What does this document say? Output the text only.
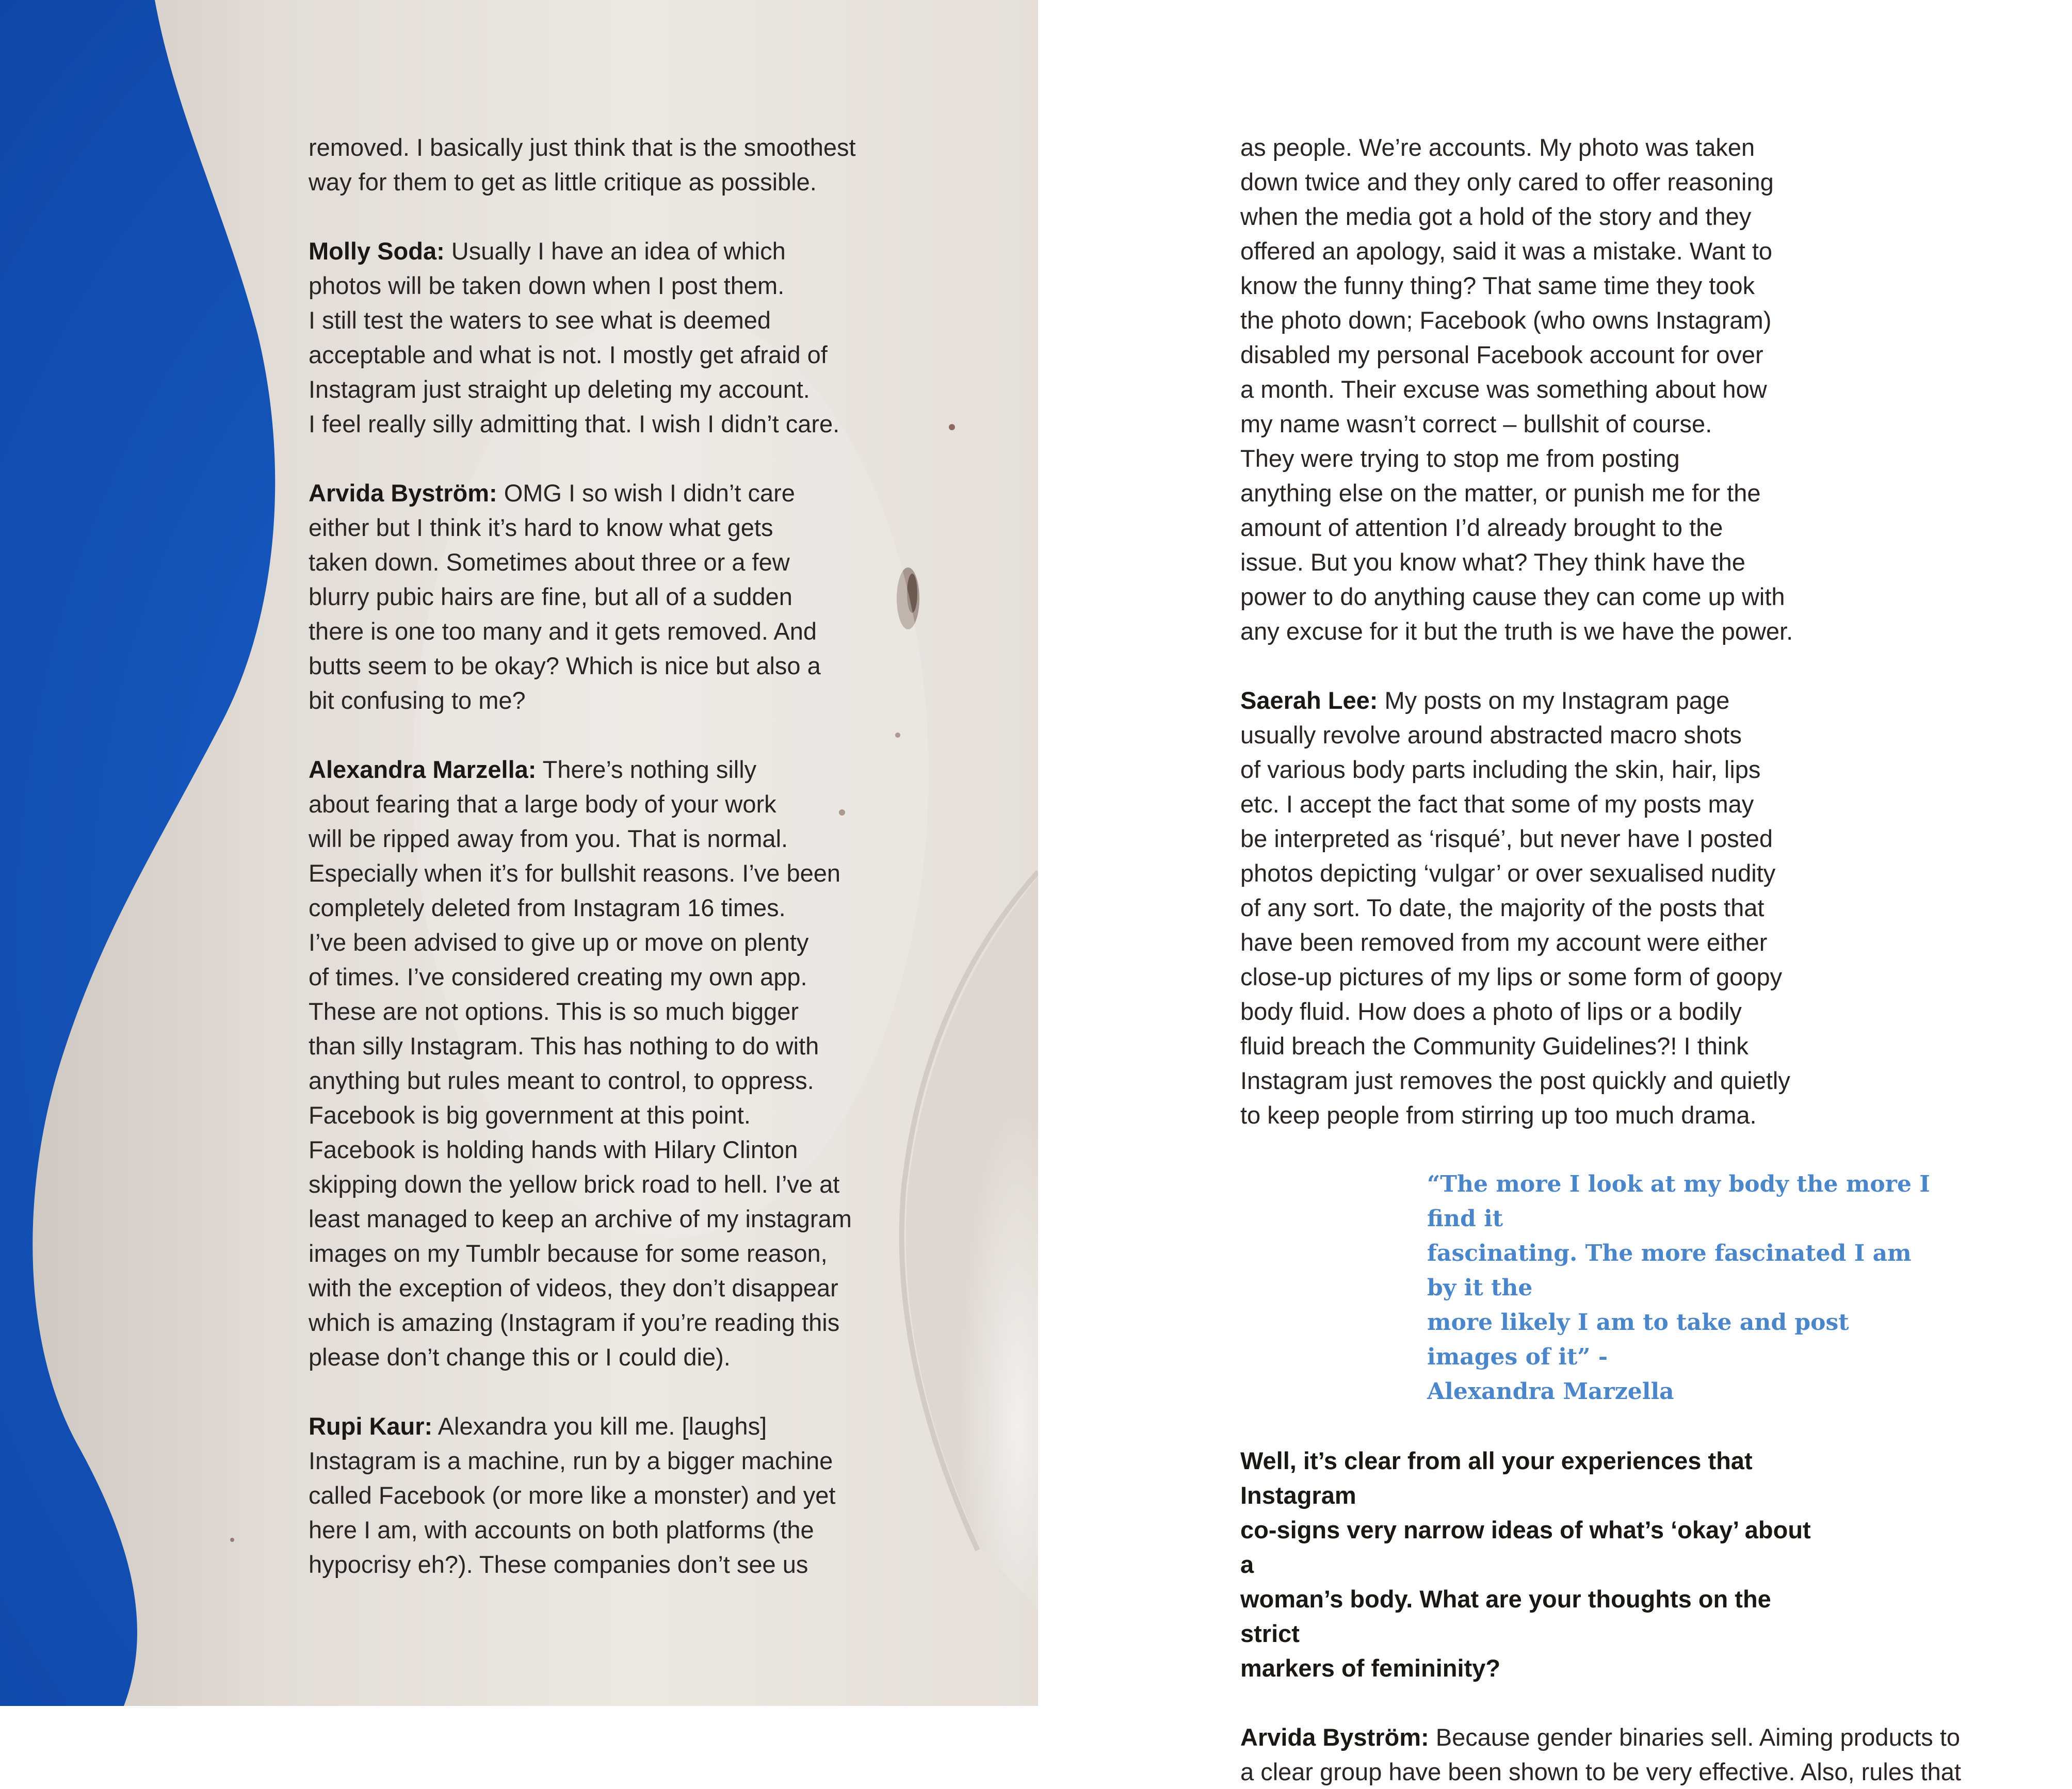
removed. I basically just think that is the smoothest
way for them to get as little critique as possible.

Molly Soda: Usually I have an idea of which
photos will be taken down when I post them.
I still test the waters to see what is deemed
acceptable and what is not. I mostly get afraid of
Instagram just straight up deleting my account.
I feel really silly admitting that. I wish I didn’t care.

Arvida Byström: OMG I so wish I didn’t care
either but I think it’s hard to know what gets
taken down. Sometimes about three or a few
blurry pubic hairs are fine, but all of a sudden
there is one too many and it gets removed. And
butts seem to be okay? Which is nice but also a
bit confusing to me?

Alexandra Marzella: There’s nothing silly
about fearing that a large body of your work
will be ripped away from you. That is normal.
Especially when it’s for bullshit reasons. I’ve been
completely deleted from Instagram 16 times.
I’ve been advised to give up or move on plenty
of times. I’ve considered creating my own app.
These are not options. This is so much bigger
than silly Instagram. This has nothing to do with
anything but rules meant to control, to oppress.
Facebook is big government at this point.
Facebook is holding hands with Hilary Clinton
skipping down the yellow brick road to hell. I’ve at
least managed to keep an archive of my instagram
images on my Tumblr because for some reason,
with the exception of videos, they don’t disappear
which is amazing (Instagram if you’re reading this
please don’t change this or I could die).

Rupi Kaur: Alexandra you kill me. [laughs]
Instagram is a machine, run by a bigger machine
called Facebook (or more like a monster) and yet
here I am, with accounts on both platforms (the
hypocrisy eh?). These companies don’t see us

as people. We’re accounts. My photo was taken
down twice and they only cared to offer reasoning
when the media got a hold of the story and they
offered an apology, said it was a mistake. Want to
know the funny thing? That same time they took
the photo down; Facebook (who owns Instagram)
disabled my personal Facebook account for over
a month. Their excuse was something about how
my name wasn’t correct – bullshit of course.
They were trying to stop me from posting
anything else on the matter, or punish me for the
amount of attention I’d already brought to the
issue. But you know what? They think have the
power to do anything cause they can come up with
any excuse for it but the truth is we have the power.

Saerah Lee: My posts on my Instagram page
usually revolve around abstracted macro shots
of various body parts including the skin, hair, lips
etc. I accept the fact that some of my posts may
be interpreted as ‘risqué’, but never have I posted
photos depicting ‘vulgar’ or over sexualised nudity
of any sort. To date, the majority of the posts that
have been removed from my account were either
close-up pictures of my lips or some form of goopy
body fluid. How does a photo of lips or a bodily
fluid breach the Community Guidelines?! I think
Instagram just removes the post quickly and quietly
to keep people from stirring up too much drama.

“The more I look at my body the more I find it
fascinating. The more fascinated I am by it the
more likely I am to take and post images of it” -
Alexandra Marzella

Well, it’s clear from all your experiences that Instagram
co-signs very narrow ideas of what’s ‘okay’ about a
woman’s body. What are your thoughts on the strict
markers of femininity?

Arvida Byström: Because gender binaries sell. Aiming products to
a clear group have been shown to be very effective. Also, rules that
